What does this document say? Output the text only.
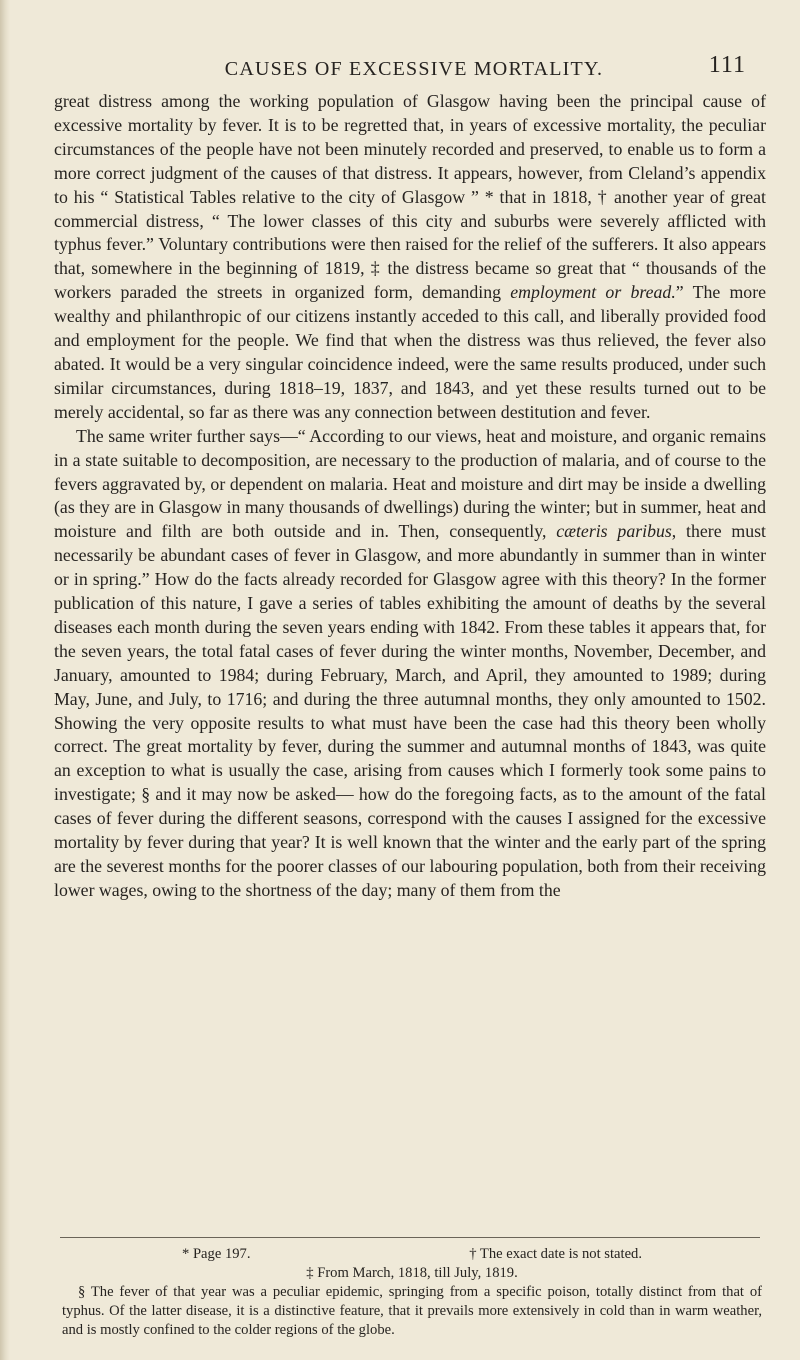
CAUSES OF EXCESSIVE MORTALITY.	111

great distress among the working population of Glasgow having been the principal cause of excessive mortality by fever. It is to be regretted that, in years of excessive mortality, the peculiar circumstances of the people have not been minutely recorded and preserved, to enable us to form a more correct judgment of the causes of that distress. It appears, however, from Cleland’s appendix to his “ Statistical Tables relative to the city of Glasgow ” * that in 1818, † another year of great commercial distress, “ The lower classes of this city and suburbs were severely afflicted with typhus fever.” Voluntary contributions were then raised for the relief of the sufferers. It also appears that, somewhere in the beginning of 1819, ‡ the distress became so great that “ thousands of the workers paraded the streets in organized form, demanding employment or bread.” The more wealthy and philanthropic of our citizens instantly acceded to this call, and liberally provided food and employment for the people. We find that when the distress was thus relieved, the fever also abated. It would be a very singular coincidence indeed, were the same results produced, under such similar circumstances, during 1818–19, 1837, and 1843, and yet these results turned out to be merely accidental, so far as there was any connection between destitution and fever.

The same writer further says—“ According to our views, heat and moisture, and organic remains in a state suitable to decomposition, are necessary to the production of malaria, and of course to the fevers aggravated by, or dependent on malaria. Heat and moisture and dirt may be inside a dwelling (as they are in Glasgow in many thousands of dwellings) during the winter; but in summer, heat and moisture and filth are both outside and in. Then, consequently, cæteris paribus, there must necessarily be abundant cases of fever in Glasgow, and more abundantly in summer than in winter or in spring.” How do the facts already recorded for Glasgow agree with this theory? In the former publication of this nature, I gave a series of tables exhibiting the amount of deaths by the several diseases each month during the seven years ending with 1842. From these tables it appears that, for the seven years, the total fatal cases of fever during the winter months, November, December, and January, amounted to 1984; during February, March, and April, they amounted to 1989; during May, June, and July, to 1716; and during the three autumnal months, they only amounted to 1502. Showing the very opposite results to what must have been the case had this theory been wholly correct. The great mortality by fever, during the summer and autumnal months of 1843, was quite an exception to what is usually the case, arising from causes which I formerly took some pains to investigate; § and it may now be asked— how do the foregoing facts, as to the amount of the fatal cases of fever during the different seasons, correspond with the causes I assigned for the excessive mortality by fever during that year? It is well known that the winter and the early part of the spring are the severest months for the poorer classes of our labouring population, both from their receiving lower wages, owing to the shortness of the day; many of them from the

* Page 197.	† The exact date is not stated.
‡ From March, 1818, till July, 1819.
§ The fever of that year was a peculiar epidemic, springing from a specific poison, totally distinct from that of typhus. Of the latter disease, it is a distinctive feature, that it prevails more extensively in cold than in warm weather, and is mostly confined to the colder regions of the globe.
